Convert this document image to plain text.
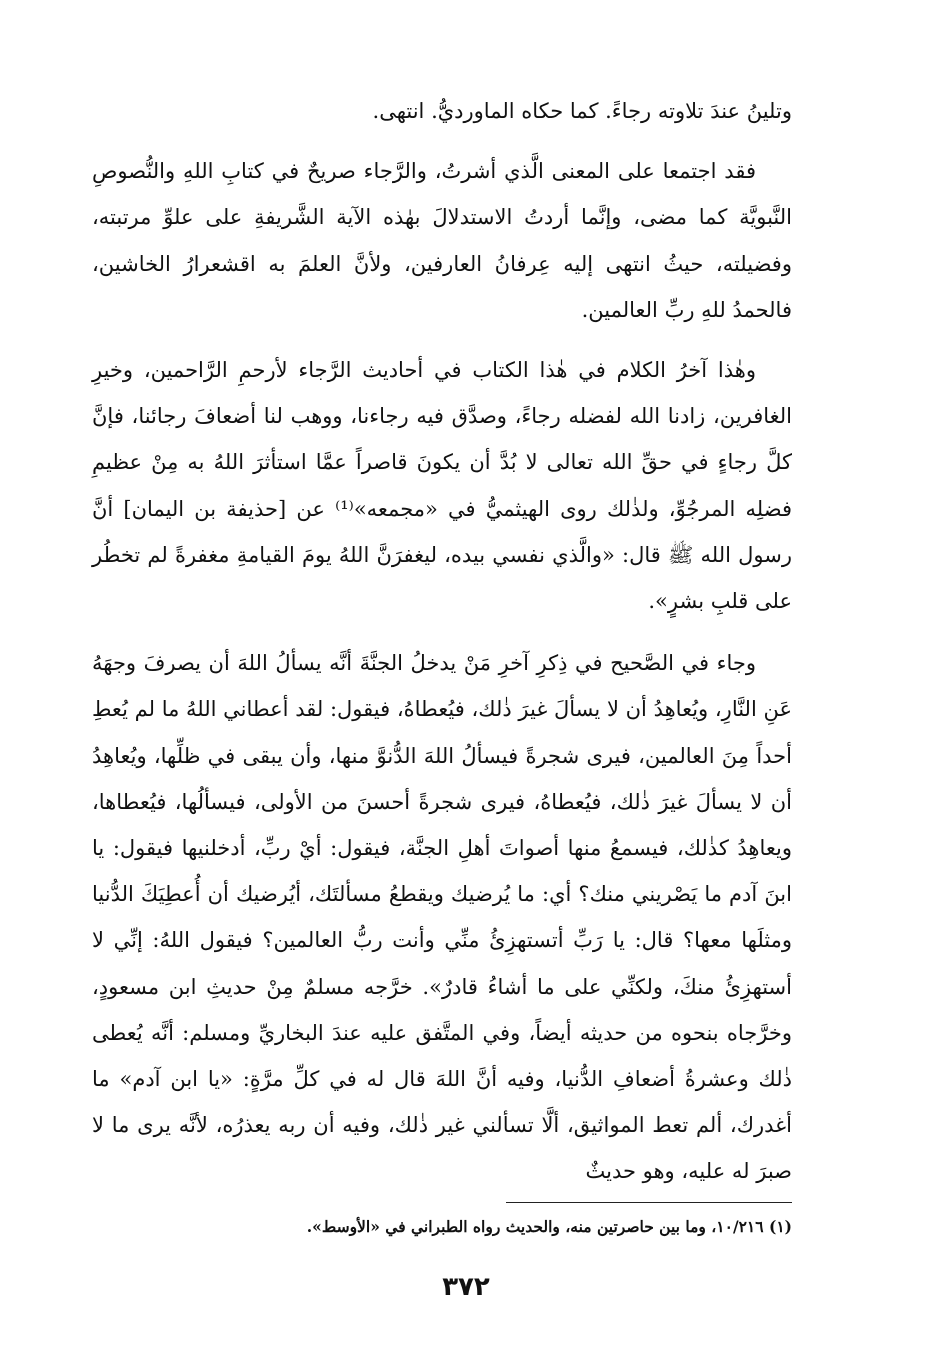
وتلينُ عندَ تلاوته رجاءً. كما حكاه الماورديُّ. انتهى.

فقد اجتمعا على المعنى الَّذي أشرتُ، والرَّجاء صريحٌ في كتابِ اللهِ والنُّصوصِ النَّبويَّة كما مضى، وإنَّما أردتُ الاستدلالَ بهٰذه الآية الشَّريفةِ على علوِّ مرتبته، وفضيلته، حيثُ انتهى إليه عِرفانُ العارفين، ولأنَّ العلمَ به اقشعرارُ الخاشين، فالحمدُ للهِ ربِّ العالمين.

وهٰذا آخرُ الكلام في هٰذا الكتاب في أحاديث الرَّجاء لأرحمِ الرَّاحمين، وخيرِ الغافرين، زادنا الله لفضله رجاءً، وصدَّق فيه رجاءنا، ووهب لنا أضعافَ رجائنا، فإنَّ كلَّ رجاءٍ في حقِّ الله تعالى لا بُدَّ أن يكونَ قاصراً عمَّا استأثرَ اللهُ به مِنْ عظيمِ فضلِه المرجُوِّ، ولذٰلك روى الهيثميُّ في «مجمعه»⁽¹⁾ عن [حذيفة بن اليمان] أنَّ رسول الله ﷺ قال: «والَّذي نفسي بيده، ليغفرَنَّ اللهُ يومَ القيامةِ مغفرةً لم تخطُر على قلبِ بشرٍ».

وجاء في الصَّحيح في ذِكرِ آخرِ مَنْ يدخلُ الجنَّةَ أنَّه يسألُ اللهَ أن يصرفَ وجهَهُ عَنِ النَّارِ، ويُعاهِدُ أن لا يسألَ غيرَ ذٰلك، فيُعطاهُ، فيقول: لقد أعطاني اللهُ ما لم يُعطِ أحداً مِنَ العالمين، فيرى شجرةً فيسألُ اللهَ الدُّنوَّ منها، وأن يبقى في ظلِّها، ويُعاهِدُ أن لا يسألَ غيرَ ذٰلك، فيُعطاهُ، فيرى شجرةً أحسنَ من الأولى، فيسألُها، فيُعطاها، ويعاهِدُ كذٰلك، فيسمعُ منها أصواتَ أهلِ الجنَّة، فيقول: أيْ ربِّ، أدخلنيها فيقول: يا ابنَ آدم ما يَصْريني منك؟ أي: ما يُرضيك ويقطعُ مسألتَك، أيُرضيك أن أُعطِيَكَ الدُّنيا ومثلَها معها؟ قال: يا رَبِّ أتستهزِئُ منِّي وأنت ربُّ العالمين؟ فيقول اللهُ: إنِّي لا أستهزِئُ منكَ، ولكنِّي على ما أشاءُ قادرٌ». خرَّجه مسلمٌ مِنْ حديثِ ابن مسعودٍ، وخرَّجاه بنحوه من حديثه أيضاً، وفي المتَّفق عليه عندَ البخاريِّ ومسلم: أنَّه يُعطى ذٰلك وعشرةُ أضعافِ الدُّنيا، وفيه أنَّ اللهَ قال له في كلِّ مرَّةٍ: «يا ابن آدم» ما أغدرك، ألم تعط المواثيق، ألَّا تسألني غير ذٰلك، وفيه أن ربه يعذرُه، لأنَّه يرى ما لا صبرَ له عليه، وهو حديثٌ

(١) ١٠/٢١٦، وما بين حاصرتين منه، والحديث رواه الطبراني في «الأوسط».
٣٧٢
